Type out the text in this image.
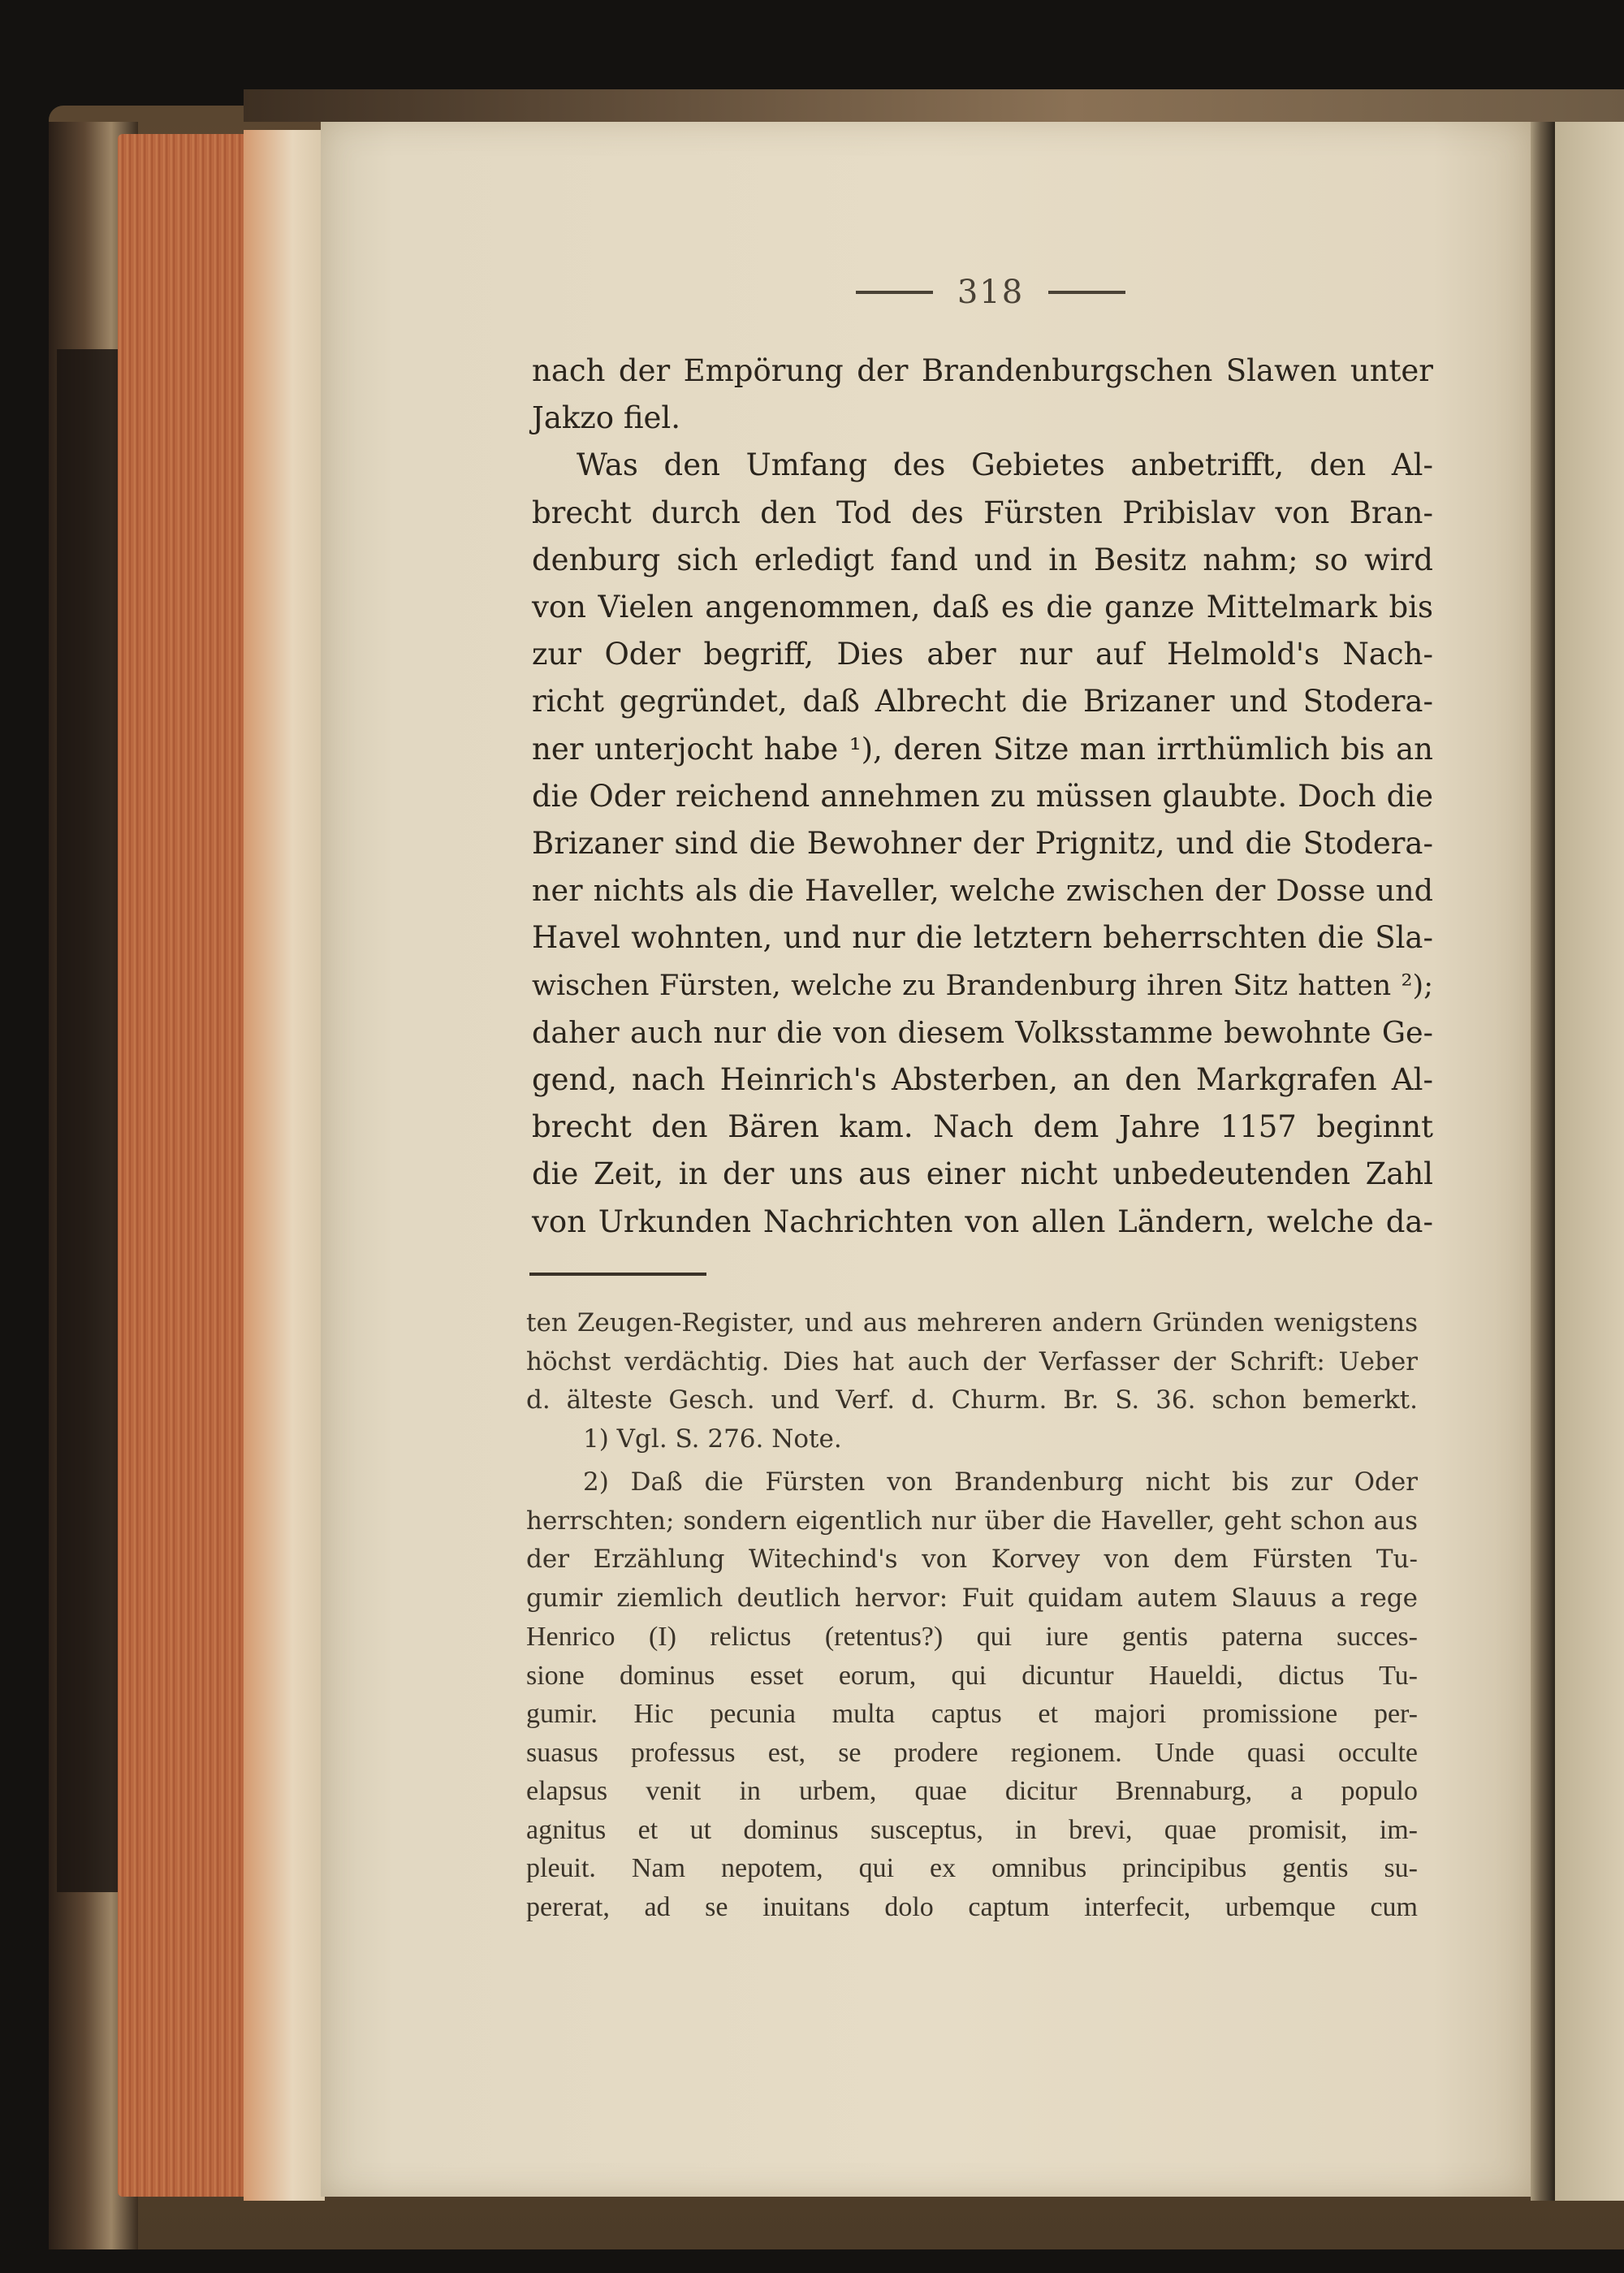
318
nach der Empörung der Brandenburgschen Slawen unter
Jakzo fiel.
Was den Umfang des Gebietes anbetrifft, den Al-
brecht durch den Tod des Fürsten Pribislav von Bran-
denburg sich erledigt fand und in Besitz nahm; so wird
von Vielen angenommen, daß es die ganze Mittelmark bis
zur Oder begriff, Dies aber nur auf Helmold's Nach-
richt gegründet, daß Albrecht die Brizaner und Stodera-
ner unterjocht habe ¹), deren Sitze man irrthümlich bis an
die Oder reichend annehmen zu müssen glaubte. Doch die
Brizaner sind die Bewohner der Prignitz, und die Stodera-
ner nichts als die Haveller, welche zwischen der Dosse und
Havel wohnten, und nur die letztern beherrschten die Sla-
wischen Fürsten, welche zu Brandenburg ihren Sitz hatten ²);
daher auch nur die von diesem Volksstamme bewohnte Ge-
gend, nach Heinrich's Absterben, an den Markgrafen Al-
brecht den Bären kam. Nach dem Jahre 1157 beginnt
die Zeit, in der uns aus einer nicht unbedeutenden Zahl
von Urkunden Nachrichten von allen Ländern, welche da-
ten Zeugen-Register, und aus mehreren andern Gründen wenigstens
höchst verdächtig. Dies hat auch der Verfasser der Schrift: Ueber
d. älteste Gesch. und Verf. d. Churm. Br. S. 36. schon bemerkt.
1) Vgl. S. 276. Note.
2) Daß die Fürsten von Brandenburg nicht bis zur Oder
herrschten; sondern eigentlich nur über die Haveller, geht schon aus
der Erzählung Witechind's von Korvey von dem Fürsten Tu-
gumir ziemlich deutlich hervor: Fuit quidam autem Slauus a rege
Henrico (I) relictus (retentus?) qui iure gentis paterna succes-
sione dominus esset eorum, qui dicuntur Haueldi, dictus Tu-
gumir. Hic pecunia multa captus et majori promissione per-
suasus professus est, se prodere regionem. Unde quasi occulte
elapsus venit in urbem, quae dicitur Brennaburg, a populo
agnitus et ut dominus susceptus, in brevi, quae promisit, im-
pleuit. Nam nepotem, qui ex omnibus principibus gentis su-
pererat, ad se inuitans dolo captum interfecit, urbemque cum
